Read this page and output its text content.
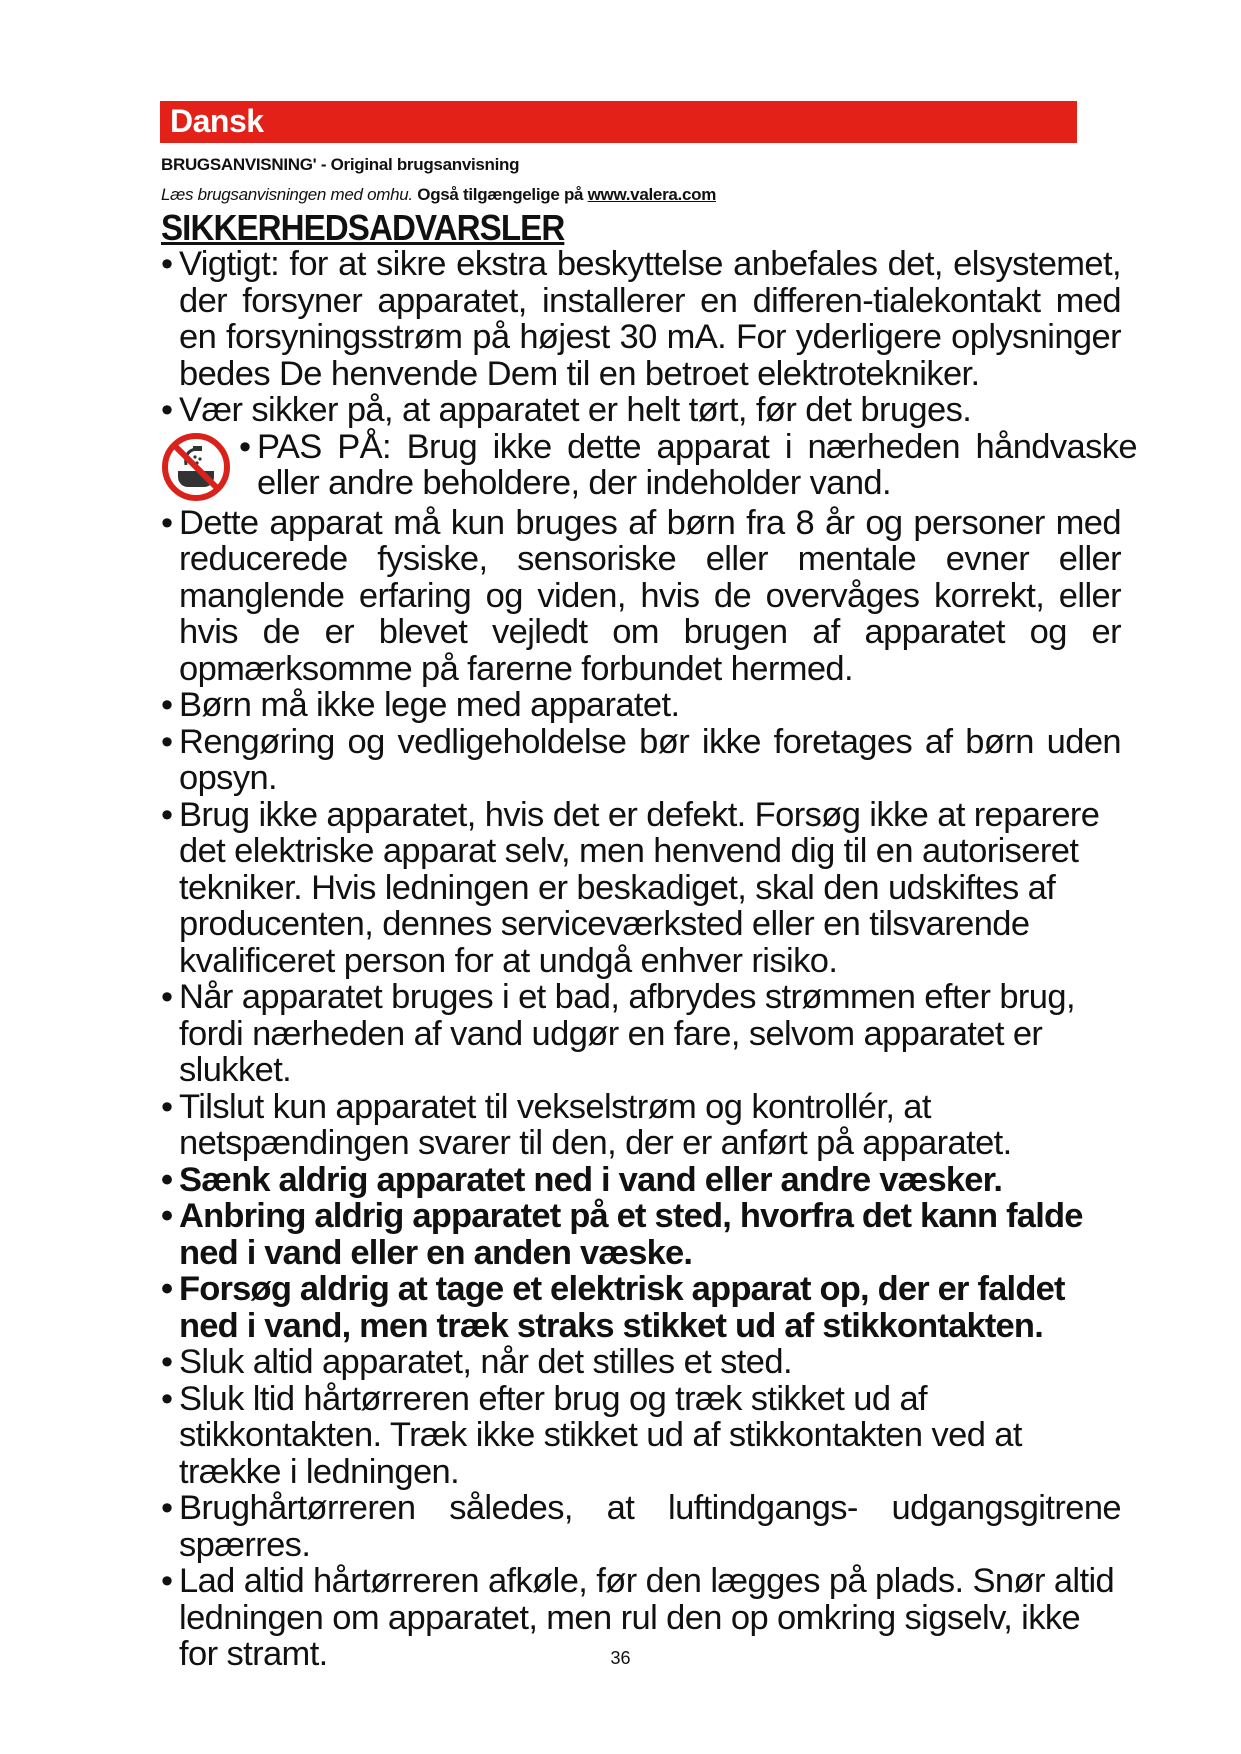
Dansk
BRUGSANVISNING' - Original brugsanvisning
Læs brugsanvisningen med omhu. Også tilgængelige på www.valera.com
SIKKERHEDSADVARSLER
• Vigtigt: for at sikre ekstra beskyttelse anbefales det, elsystemet, der forsyner apparatet, installerer en differen-tialekontakt med en forsyningsstrøm på højest 30 mA. For yderligere oplysninger bedes De henvende Dem til en betroet elektrotekniker.
• Vær sikker på, at apparatet er helt tørt, før det bruges.
• PAS PÅ: Brug ikke dette apparat i nærheden håndvaske eller andre beholdere, der indeholder vand.
• Dette apparat må kun bruges af børn fra 8 år og personer med reducerede fysiske, sensoriske eller mentale evner eller manglende erfaring og viden, hvis de overvåges korrekt, eller hvis de er blevet vejledt om brugen af apparatet og er opmærksomme på farerne forbundet hermed.
• Børn må ikke lege med apparatet.
• Rengøring og vedligeholdelse bør ikke foretages af børn uden opsyn.
• Brug ikke apparatet, hvis det er defekt. Forsøg ikke at reparere det elektriske apparat selv, men henvend dig til en autoriseret tekniker. Hvis ledningen er beskadiget, skal den udskiftes af producenten, dennes serviceværksted eller en tilsvarende kvalificeret person for at undgå enhver risiko.
• Når apparatet bruges i et bad, afbrydes strømmen efter brug, fordi nærheden af vand udgør en fare, selvom apparatet er slukket.
• Tilslut kun apparatet til vekselstrøm og kontrollér, at netspændingen svarer til den, der er anført på apparatet.
• Sænk aldrig apparatet ned i vand eller andre væsker.
• Anbring aldrig apparatet på et sted, hvorfra det kann falde ned i vand eller en anden væske.
• Forsøg aldrig at tage et elektrisk apparat op, der er faldet ned i vand, men træk straks stikket ud af stikkontakten.
• Sluk altid apparatet, når det stilles et sted.
• Sluk ltid hårtørreren efter brug og træk stikket ud af stikkontakten. Træk ikke stikket ud af stikkontakten ved at trække i ledningen.
• Brughårtørreren således, at luftindgangs- udgangsgitrene spærres.
• Lad altid hårtørreren afkøle, før den lægges på plads. Snør altid ledningen om apparatet, men rul den op omkring sigselv, ikke for stramt.	36
